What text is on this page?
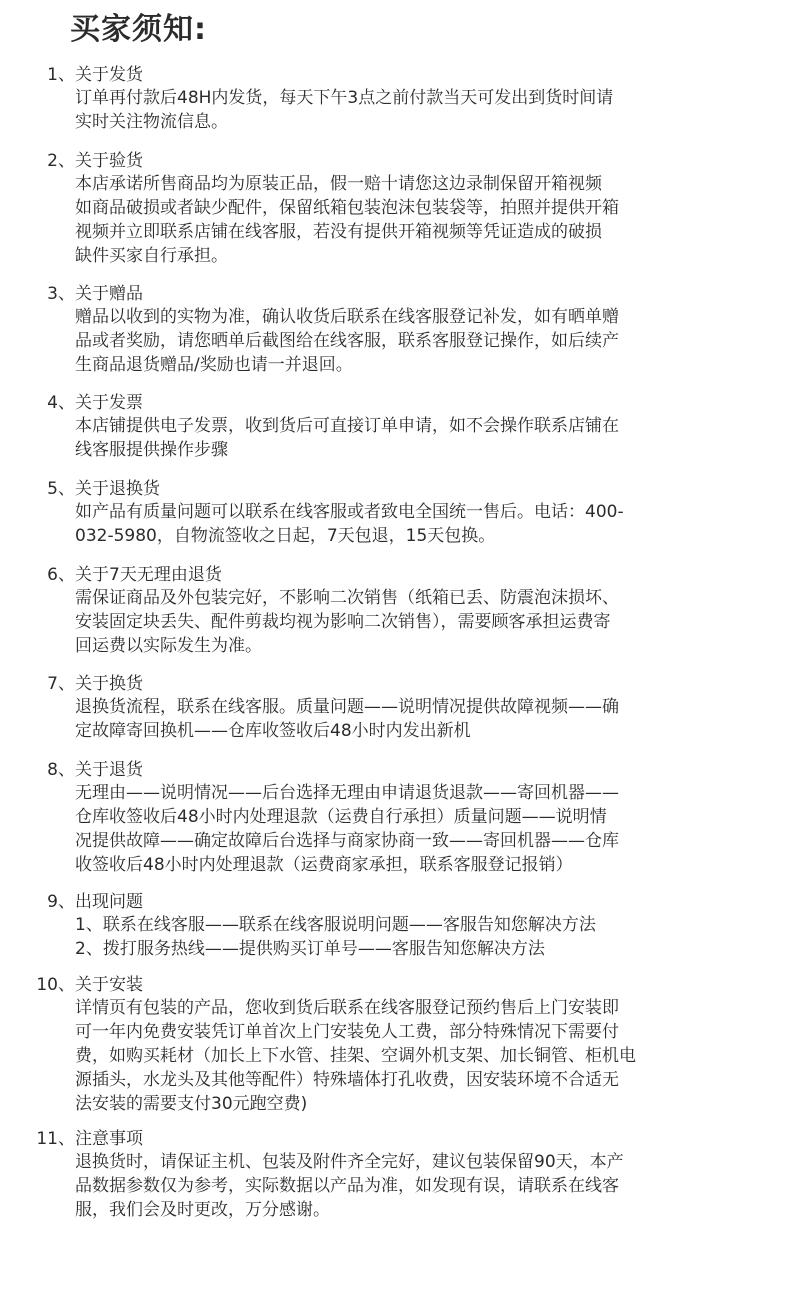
买家须知:
1、关于发货
订单再付款后48H内发货，每天下午3点之前付款当天可发出到货时间请
实时关注物流信息。
2、关于验货
本店承诺所售商品均为原装正品，假一赔十请您这边录制保留开箱视频
如商品破损或者缺少配件，保留纸箱包装泡沫包装袋等，拍照并提供开箱
视频并立即联系店铺在线客服，若没有提供开箱视频等凭证造成的破损
缺件买家自行承担。
3、关于赠品
赠品以收到的实物为准，确认收货后联系在线客服登记补发，如有晒单赠
品或者奖励，请您晒单后截图给在线客服，联系客服登记操作，如后续产
生商品退货赠品/奖励也请一并退回。
4、关于发票
本店铺提供电子发票，收到货后可直接订单申请，如不会操作联系店铺在
线客服提供操作步骤
5、关于退换货
如产品有质量问题可以联系在线客服或者致电全国统一售后。电话：400-
032-5980，自物流签收之日起，7天包退，15天包换。
6、关于7天无理由退货
需保证商品及外包装完好，不影响二次销售（纸箱已丢、防震泡沫损坏、
安装固定块丢失、配件剪裁均视为影响二次销售），需要顾客承担运费寄
回运费以实际发生为准。
7、关于换货
退换货流程，联系在线客服。质量问题——说明情况提供故障视频——确
定故障寄回换机——仓库收签收后48小时内发出新机
8、关于退货
无理由——说明情况——后台选择无理由申请退货退款——寄回机器——
仓库收签收后48小时内处理退款（运费自行承担）质量问题——说明情
况提供故障——确定故障后台选择与商家协商一致——寄回机器——仓库
收签收后48小时内处理退款（运费商家承担，联系客服登记报销）
9、出现问题
1、联系在线客服——联系在线客服说明问题——客服告知您解决方法
2、拨打服务热线——提供购买订单号——客服告知您解决方法
10、关于安装
详情页有包装的产品，您收到货后联系在线客服登记预约售后上门安装即
可一年内免费安装凭订单首次上门安装免人工费，部分特殊情况下需要付
费，如购买耗材（加长上下水管、挂架、空调外机支架、加长铜管、柜机电
源插头，水龙头及其他等配件）特殊墙体打孔收费，因安装环境不合适无
法安装的需要支付30元跑空费)
11、注意事项
退换货时，请保证主机、包装及附件齐全完好，建议包装保留90天，本产
品数据参数仅为参考，实际数据以产品为准，如发现有误，请联系在线客
服，我们会及时更改，万分感谢。
